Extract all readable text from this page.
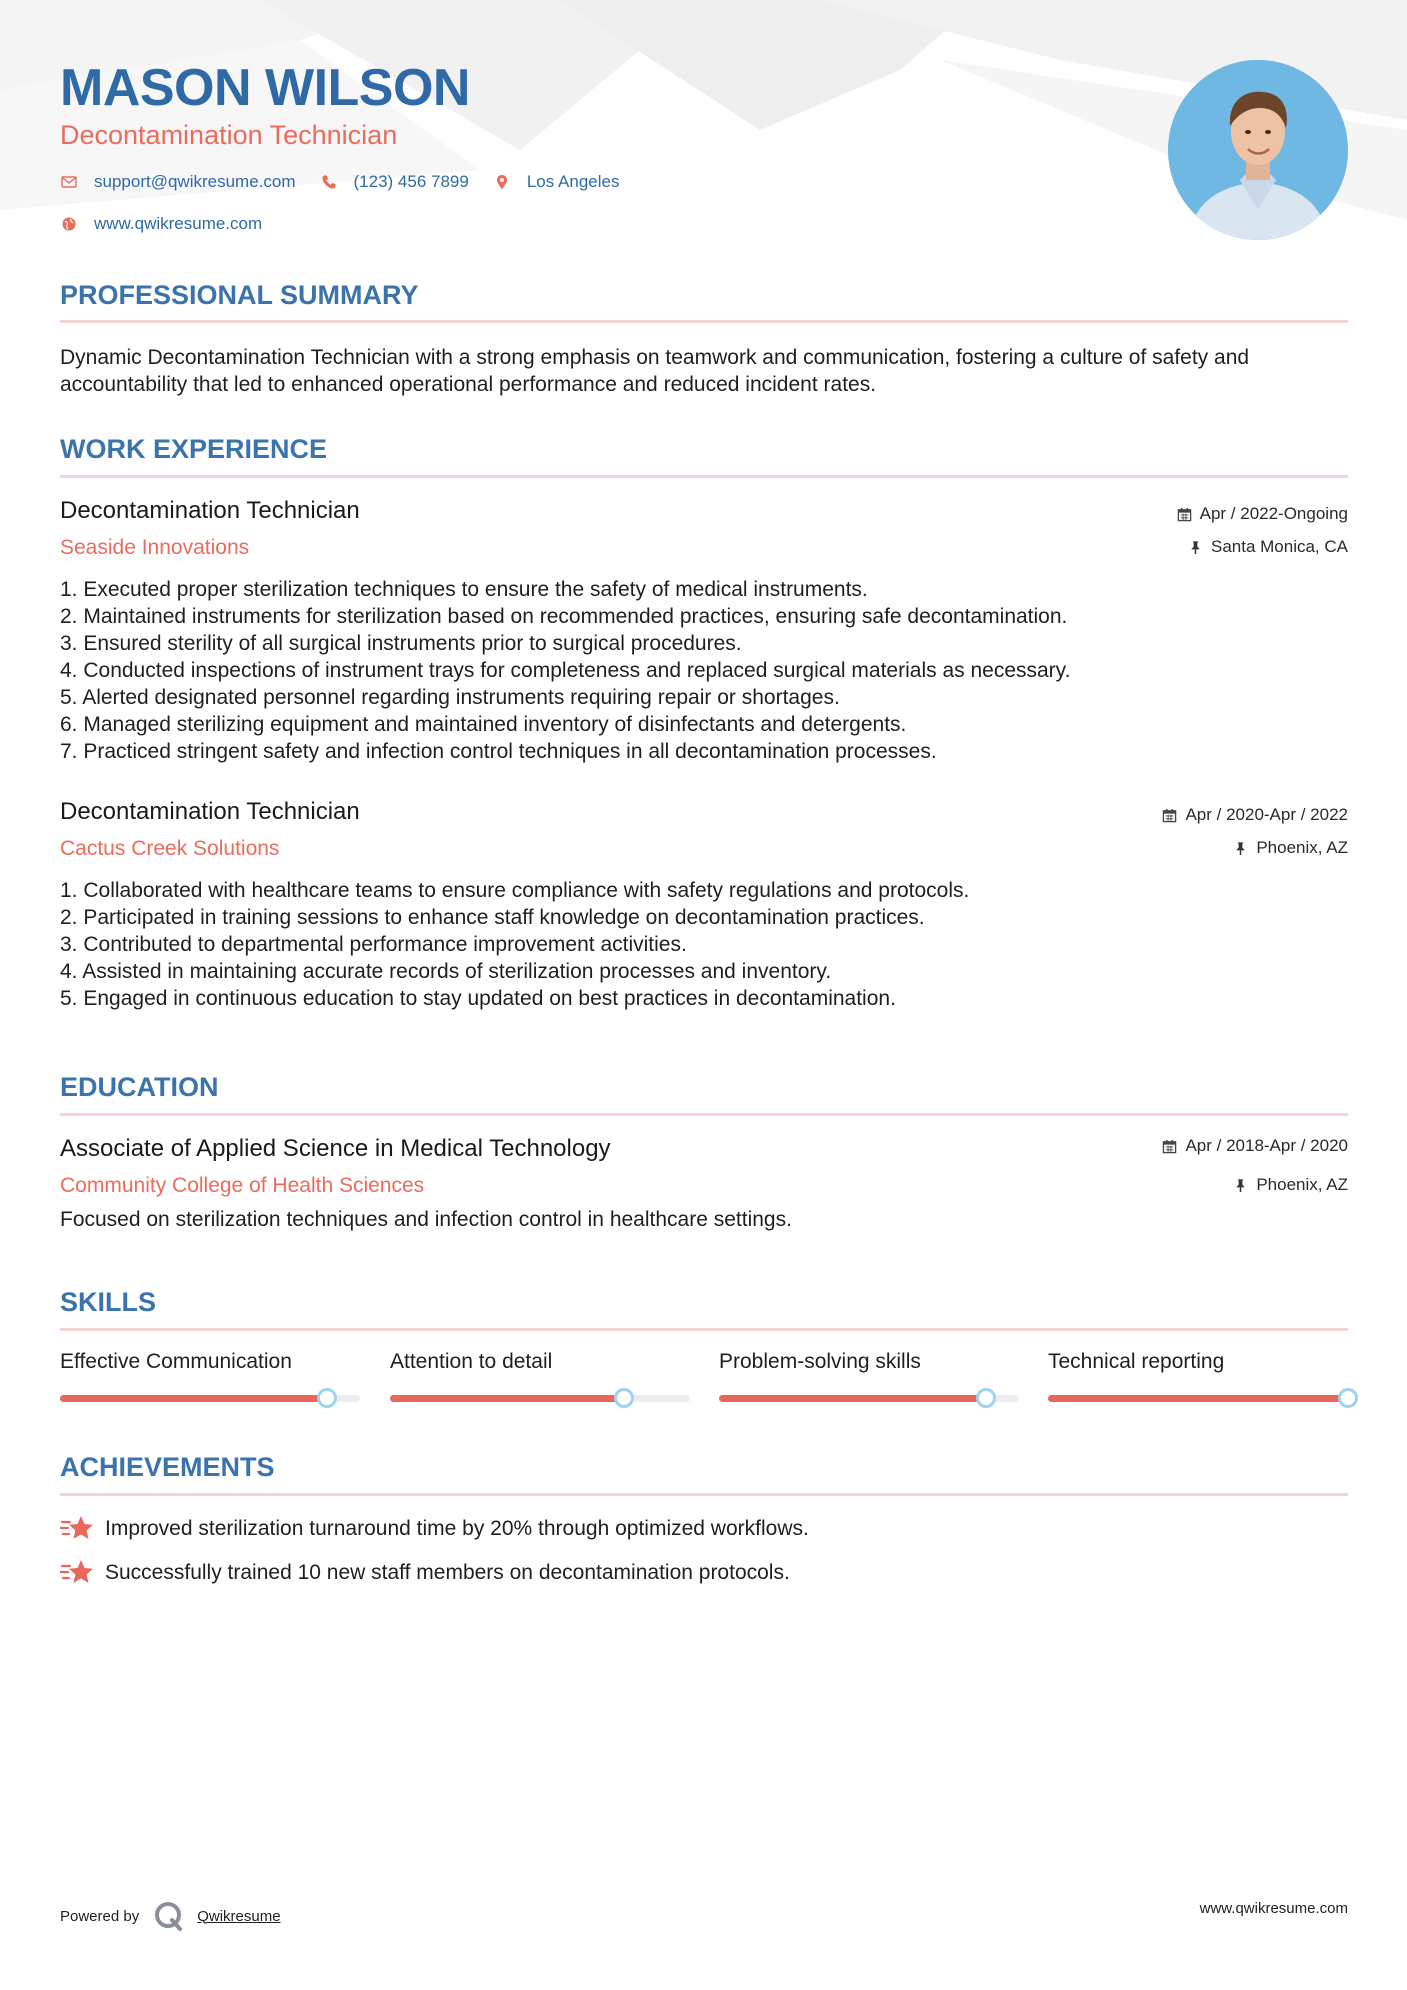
MASON WILSON
Decontamination Technician
support@qwikresume.com	(123) 456 7899	Los Angeles
www.qwikresume.com
PROFESSIONAL SUMMARY
Dynamic Decontamination Technician with a strong emphasis on teamwork and communication, fostering a culture of safety and accountability that led to enhanced operational performance and reduced incident rates.
WORK EXPERIENCE
Decontamination Technician
Seaside Innovations
Apr / 2022-Ongoing
Santa Monica, CA
1. Executed proper sterilization techniques to ensure the safety of medical instruments.
2. Maintained instruments for sterilization based on recommended practices, ensuring safe decontamination.
3. Ensured sterility of all surgical instruments prior to surgical procedures.
4. Conducted inspections of instrument trays for completeness and replaced surgical materials as necessary.
5. Alerted designated personnel regarding instruments requiring repair or shortages.
6. Managed sterilizing equipment and maintained inventory of disinfectants and detergents.
7. Practiced stringent safety and infection control techniques in all decontamination processes.
Decontamination Technician
Cactus Creek Solutions
Apr / 2020-Apr / 2022
Phoenix, AZ
1. Collaborated with healthcare teams to ensure compliance with safety regulations and protocols.
2. Participated in training sessions to enhance staff knowledge on decontamination practices.
3. Contributed to departmental performance improvement activities.
4. Assisted in maintaining accurate records of sterilization processes and inventory.
5. Engaged in continuous education to stay updated on best practices in decontamination.
EDUCATION
Associate of Applied Science in Medical Technology
Community College of Health Sciences
Apr / 2018-Apr / 2020
Phoenix, AZ
Focused on sterilization techniques and infection control in healthcare settings.
SKILLS
Effective Communication	Attention to detail	Problem-solving skills	Technical reporting
ACHIEVEMENTS
Improved sterilization turnaround time by 20% through optimized workflows.
Successfully trained 10 new staff members on decontamination protocols.
Powered by	Qwikresume	www.qwikresume.com
